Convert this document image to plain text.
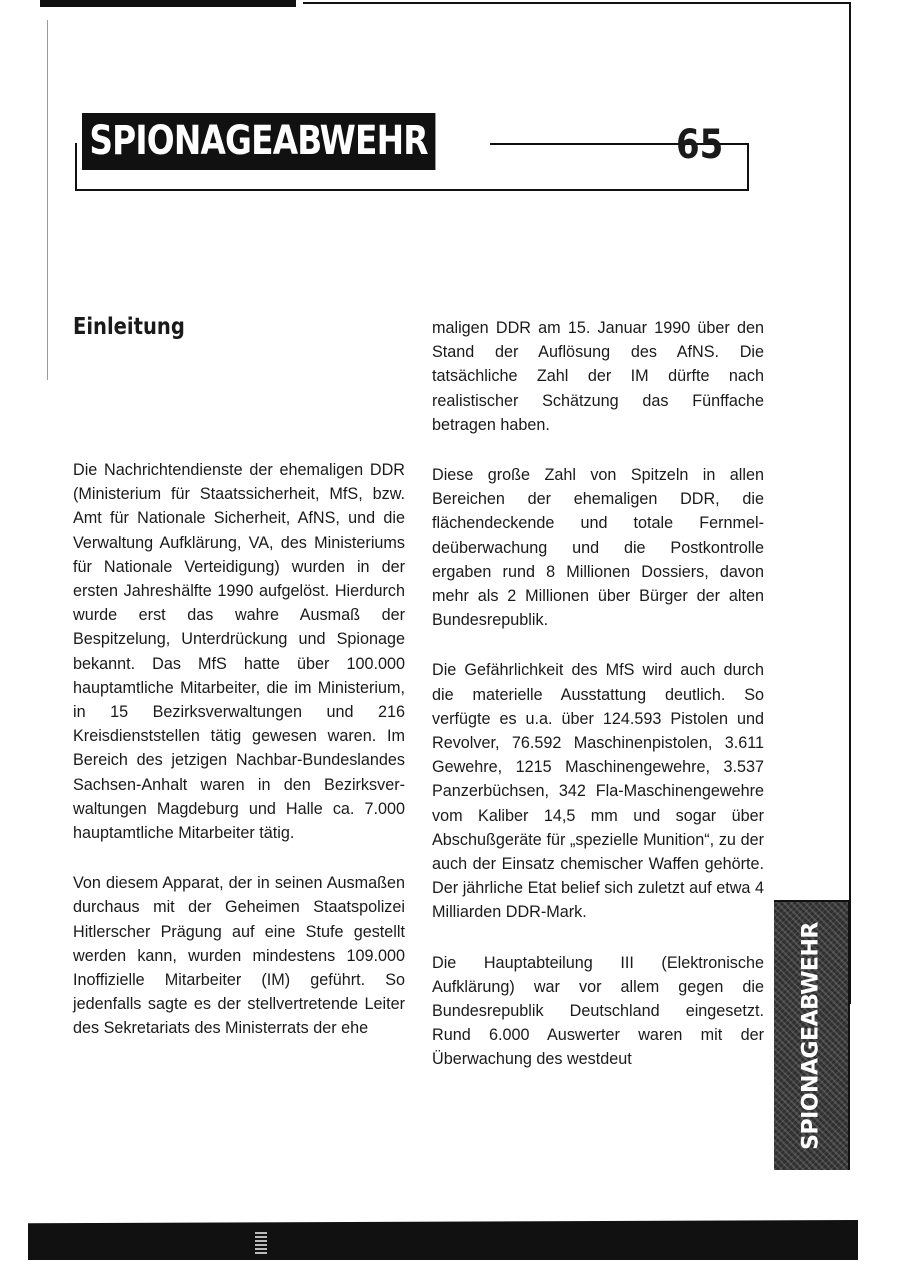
SPIONAGEABWEHR	65
Einleitung

Die Nachrichtendienste der ehemaligen DDR (Ministerium für Staatssicherheit, MfS, bzw. Amt für Nationale Sicherheit, AfNS, und die Verwaltung Aufklärung, VA, des Ministeriums für Nationale Verteidigung) wurden in der ersten Jahreshälfte 1990 aufgelöst. Hierdurch wurde erst das wahre Ausmaß der Bespitzelung, Unterdrückung und Spionage bekannt. Das MfS hatte über 100.000 hauptamtliche Mitarbeiter, die im Ministerium, in 15 Bezirksverwaltungen und 216 Kreisdienststellen tätig gewesen waren. Im Bereich des jetzigen Nachbar-Bundeslandes Sachsen-Anhalt waren in den Bezirksverwaltungen Magdeburg und Halle ca. 7.000 hauptamtliche Mitarbeiter tätig.

Von diesem Apparat, der in seinen Ausmaßen durchaus mit der Geheimen Staatspolizei Hitlerscher Prägung auf eine Stufe gestellt werden kann, wurden mindestens 109.000 Inoffizielle Mitarbeiter (IM) geführt. So jedenfalls sagte es der stellvertretende Leiter des Sekretariats des Ministerrats der ehe

maligen DDR am 15. Januar 1990 über den Stand der Auflösung des AfNS. Die tatsächliche Zahl der IM dürfte nach realistischer Schätzung das Fünffache betragen haben.

Diese große Zahl von Spitzeln in allen Bereichen der ehemaligen DDR, die flächendeckende und totale Fernmeldeüberwachung und die Postkontrolle ergaben rund 8 Millionen Dossiers, davon mehr als 2 Millionen über Bürger der alten Bundesrepublik.

Die Gefährlichkeit des MfS wird auch durch die materielle Ausstattung deutlich. So verfügte es u.a. über 124.593 Pistolen und Revolver, 76.592 Maschinenpistolen, 3.611 Gewehre, 1215 Maschinengewehre, 3.537 Panzerbüchsen, 342 Fla-Maschinengewehre vom Kaliber 14,5 mm und sogar über Abschußgeräte für „spezielle Munition“, zu der auch der Einsatz chemischer Waffen gehörte. Der jährliche Etat belief sich zuletzt auf etwa 4 Milliarden DDR-Mark.

Die Hauptabteilung III (Elektronische Aufklärung) war vor allem gegen die Bundesrepublik Deutschland eingesetzt. Rund 6.000 Auswerter waren mit der Überwachung des westdeut	SPIONAGEABWEHR
